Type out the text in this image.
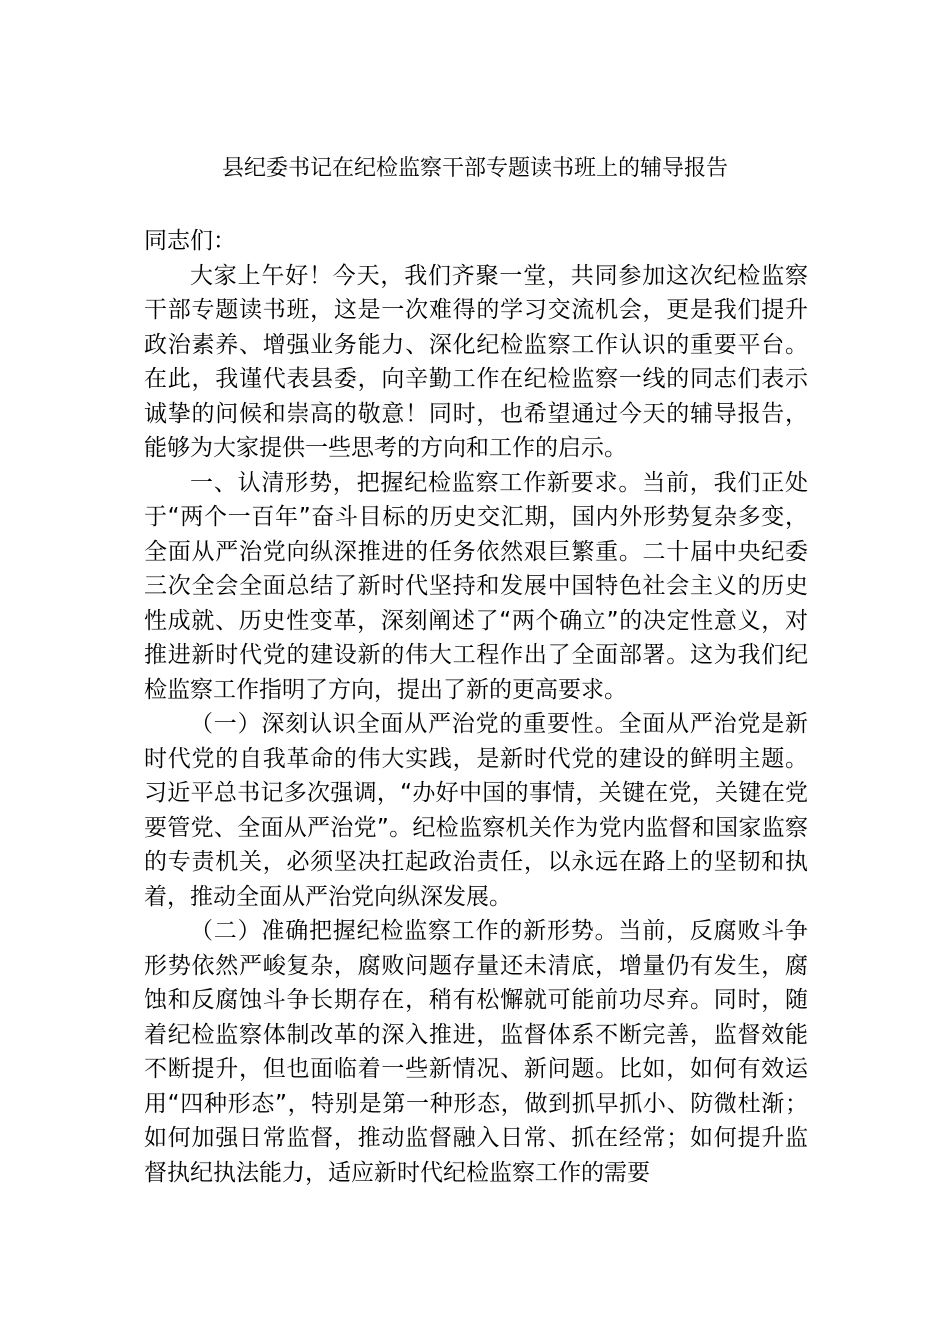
县纪委书记在纪检监察干部专题读书班上的辅导报告

同志们：

大家上午好！今天，我们齐聚一堂，共同参加这次纪检监察干部专题读书班，这是一次难得的学习交流机会，更是我们提升政治素养、增强业务能力、深化纪检监察工作认识的重要平台。在此，我谨代表县委，向辛勤工作在纪检监察一线的同志们表示诚挚的问候和崇高的敬意！同时，也希望通过今天的辅导报告，能够为大家提供一些思考的方向和工作的启示。

一、认清形势，把握纪检监察工作新要求。当前，我们正处于“两个一百年”奋斗目标的历史交汇期，国内外形势复杂多变，全面从严治党向纵深推进的任务依然艰巨繁重。二十届中央纪委三次全会全面总结了新时代坚持和发展中国特色社会主义的历史性成就、历史性变革，深刻阐述了“两个确立”的决定性意义，对推进新时代党的建设新的伟大工程作出了全面部署。这为我们纪检监察工作指明了方向，提出了新的更高要求。

（一）深刻认识全面从严治党的重要性。全面从严治党是新时代党的自我革命的伟大实践，是新时代党的建设的鲜明主题。习近平总书记多次强调，“办好中国的事情，关键在党，关键在党要管党、全面从严治党”。纪检监察机关作为党内监督和国家监察的专责机关，必须坚决扛起政治责任，以永远在路上的坚韧和执着，推动全面从严治党向纵深发展。

（二）准确把握纪检监察工作的新形势。当前，反腐败斗争形势依然严峻复杂，腐败问题存量还未清底，增量仍有发生，腐蚀和反腐蚀斗争长期存在，稍有松懈就可能前功尽弃。同时，随着纪检监察体制改革的深入推进，监督体系不断完善，监督效能不断提升，但也面临着一些新情况、新问题。比如，如何有效运用“四种形态”，特别是第一种形态，做到抓早抓小、防微杜渐；如何加强日常监督，推动监督融入日常、抓在经常；如何提升监督执纪执法能力，适应新时代纪检监察工作的需要
